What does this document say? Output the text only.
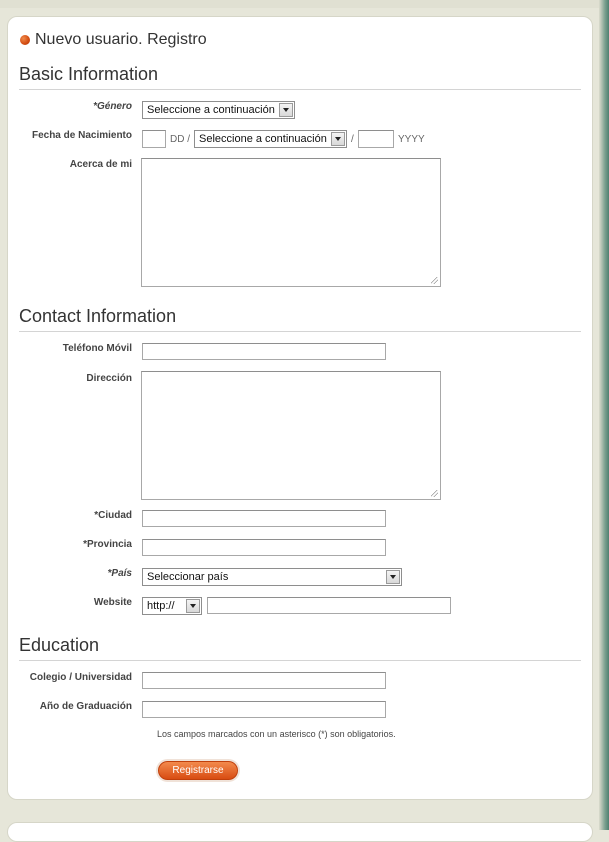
Nuevo usuario. Registro
Basic Information
*Género	Seleccione a continuación
Fecha de Nacimiento	DD / Seleccione a continuación	/	YYYY
Acerca de mi
Contact Information
Teléfono Móvil
Dirección
*Ciudad
*Provincia
*País	Seleccionar país
Website	http://
Education
Colegio / Universidad
Año de Graduación
Los campos marcados con un asterisco (*) son obligatorios.
Registrarse
